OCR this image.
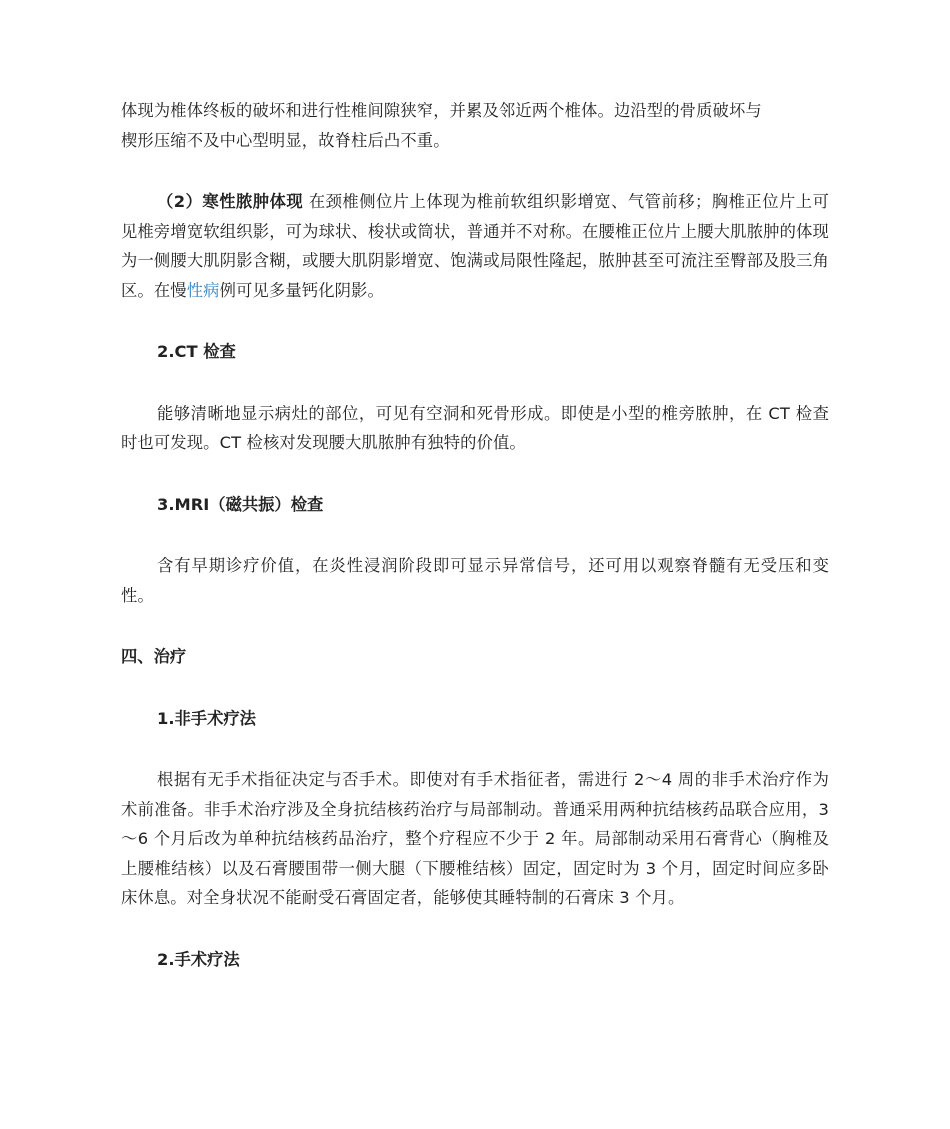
体现为椎体终板的破坏和进行性椎间隙狭窄，并累及邻近两个椎体。边沿型的骨质破坏与
楔形压缩不及中心型明显，故脊柱后凸不重。

（2）寒性脓肿体现 在颈椎侧位片上体现为椎前软组织影增宽、气管前移；胸椎正位片上可见椎旁增宽软组织影，可为球状、梭状或筒状，普通并不对称。在腰椎正位片上腰大肌脓肿的体现为一侧腰大肌阴影含糊，或腰大肌阴影增宽、饱满或局限性隆起，脓肿甚至可流注至臀部及股三角区。在慢性病例可见多量钙化阴影。

2.CT 检查

能够清晰地显示病灶的部位，可见有空洞和死骨形成。即使是小型的椎旁脓肿，在 CT 检查时也可发现。CT 检核对发现腰大肌脓肿有独特的价值。

3.MRI（磁共振）检查

含有早期诊疗价值，在炎性浸润阶段即可显示异常信号，还可用以观察脊髓有无受压和变性。

四、治疗

1.非手术疗法

根据有无手术指征决定与否手术。即使对有手术指征者，需进行 2～4 周的非手术治疗作为术前准备。非手术治疗涉及全身抗结核药治疗与局部制动。普通采用两种抗结核药品联合应用，3～6 个月后改为单种抗结核药品治疗，整个疗程应不少于 2 年。局部制动采用石膏背心（胸椎及上腰椎结核）以及石膏腰围带一侧大腿（下腰椎结核）固定，固定时为 3 个月，固定时间应多卧床休息。对全身状况不能耐受石膏固定者，能够使其睡特制的石膏床 3 个月。

2.手术疗法
